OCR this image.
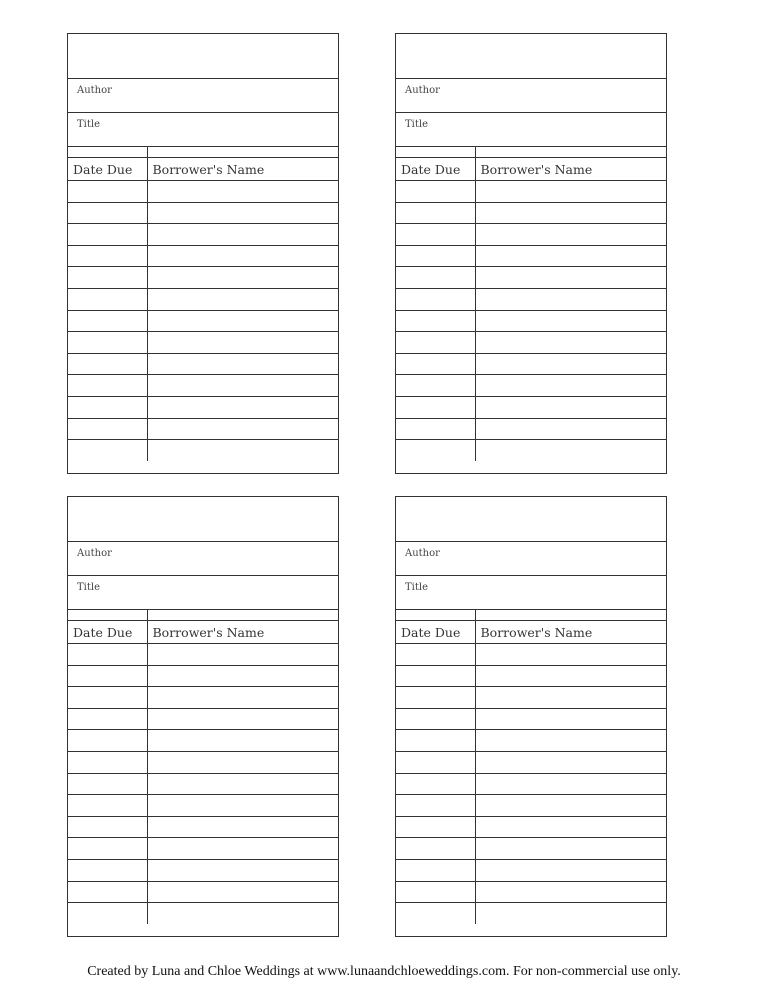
Author
Title
Date Due	Borrower's Name

Author
Title
Date Due	Borrower's Name

Author
Title
Date Due	Borrower's Name

Author
Title
Date Due	Borrower's Name

Created by Luna and Chloe Weddings at www.lunaandchloeweddings.com. For non-commercial use only.
